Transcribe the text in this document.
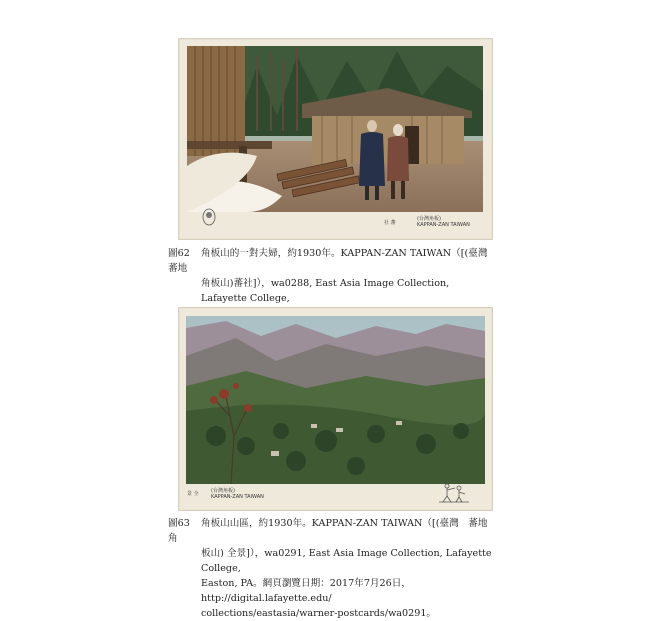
(台灣角板)
KAPPAN-ZAN TAIWAN
社 蕃
圖62 角板山的一對夫婦，約1930年。KAPPAN-ZAN TAIWAN（[(臺灣　蕃地
角板山)蕃社]），wa0288, East Asia Image Collection, Lafayette College,
(台灣角板)
KAPPAN-ZAN TAIWAN
景 全
圖63 角板山山區，約1930年。KAPPAN-ZAN TAIWAN（[(臺灣　蕃地 角
板山) 全景]），wa0291, East Asia Image Collection, Lafayette College,
Easton, PA。網頁瀏覽日期：2017年7月26日，http://digital.lafayette.edu/
collections/eastasia/warner-postcards/wa0291。
